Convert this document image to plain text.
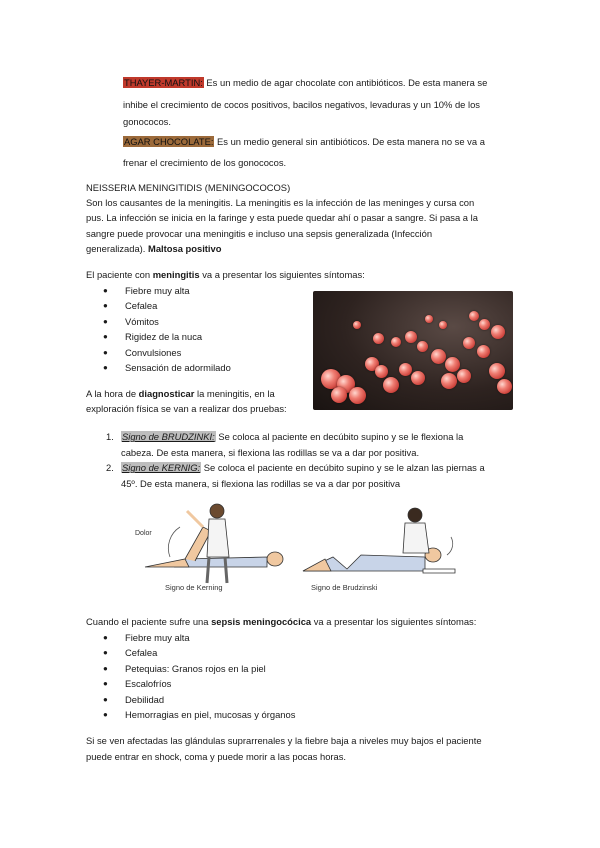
THAYER-MARTIN: Es un medio de agar chocolate con antibióticos. De esta manera se
inhibe el crecimiento de cocos positivos, bacilos negativos, levaduras y un 10% de los
gonococos.
AGAR CHOCOLATE: Es un medio general sin antibióticos. De esta manera no se va a
frenar el crecimiento de los gonococos.
NEISSERIA MENINGITIDIS (MENINGOCOCOS)
Son los causantes de la meningitis. La meningitis es la infección de las meninges y cursa con
pus. La infección se inicia en la faringe y esta puede quedar ahí o pasar a sangre. Si pasa a la
sangre puede provocar una meningitis e incluso una sepsis generalizada (Infección
generalizada). Maltosa positivo
El paciente con meningitis va a presentar los siguientes síntomas:
● Fiebre muy alta
● Cefalea
● Vómitos
● Rigidez de la nuca
● Convulsiones
● Sensación de adormilado
A la hora de diagnosticar la meningitis, en la
exploración física se van a realizar dos pruebas:
1. Signo de BRUDZINKI: Se coloca al paciente en decúbito supino y se le flexiona la
cabeza. De esta manera, si flexiona las rodillas se va a dar por positiva.
2. Signo de KERNIG: Se coloca el paciente en decúbito supino y se le alzan las piernas a
45º. De esta manera, si flexiona las rodillas se va a dar por positiva
Dolor
Signo de Kerning	Signo de Brudzinski
Cuando el paciente sufre una sepsis meningocócica va a presentar los siguientes síntomas:
● Fiebre muy alta
● Cefalea
● Petequias: Granos rojos en la piel
● Escalofríos
● Debilidad
● Hemorragias en piel, mucosas y órganos
Si se ven afectadas las glándulas suprarrenales y la fiebre baja a niveles muy bajos el paciente
puede entrar en shock, coma y puede morir a las pocas horas.
